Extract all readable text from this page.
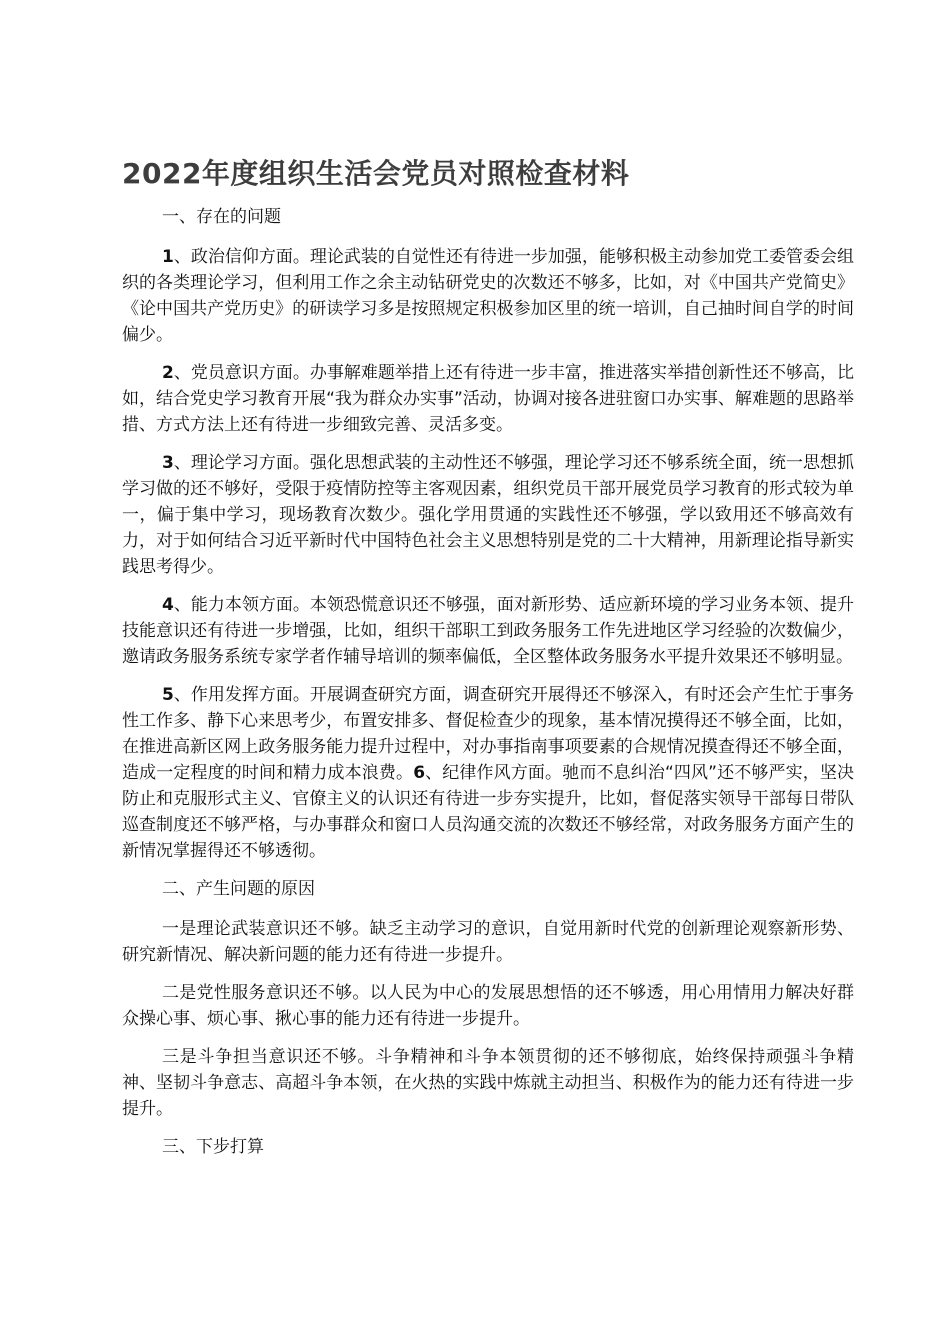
2022年度组织生活会党员对照检查材料

一、存在的问题

1、政治信仰方面。理论武装的自觉性还有待进一步加强，能够积极主动参加党工委管委会组织的各类理论学习，但利用工作之余主动钻研党史的次数还不够多，比如，对《中国共产党简史》《论中国共产党历史》的研读学习多是按照规定积极参加区里的统一培训，自己抽时间自学的时间偏少。

2、党员意识方面。办事解难题举措上还有待进一步丰富，推进落实举措创新性还不够高，比如，结合党史学习教育开展“我为群众办实事”活动，协调对接各进驻窗口办实事、解难题的思路举措、方式方法上还有待进一步细致完善、灵活多变。

3、理论学习方面。强化思想武装的主动性还不够强，理论学习还不够系统全面，统一思想抓学习做的还不够好，受限于疫情防控等主客观因素，组织党员干部开展党员学习教育的形式较为单一，偏于集中学习，现场教育次数少。强化学用贯通的实践性还不够强，学以致用还不够高效有力，对于如何结合习近平新时代中国特色社会主义思想特别是党的二十大精神，用新理论指导新实践思考得少。

4、能力本领方面。本领恐慌意识还不够强，面对新形势、适应新环境的学习业务本领、提升技能意识还有待进一步增强，比如，组织干部职工到政务服务工作先进地区学习经验的次数偏少，邀请政务服务系统专家学者作辅导培训的频率偏低，全区整体政务服务水平提升效果还不够明显。

5、作用发挥方面。开展调查研究方面，调查研究开展得还不够深入，有时还会产生忙于事务性工作多、静下心来思考少，布置安排多、督促检查少的现象，基本情况摸得还不够全面，比如，在推进高新区网上政务服务能力提升过程中，对办事指南事项要素的合规情况摸查得还不够全面，造成一定程度的时间和精力成本浪费。6、纪律作风方面。驰而不息纠治“四风”还不够严实，坚决防止和克服形式主义、官僚主义的认识还有待进一步夯实提升，比如，督促落实领导干部每日带队巡查制度还不够严格，与办事群众和窗口人员沟通交流的次数还不够经常，对政务服务方面产生的新情况掌握得还不够透彻。

二、产生问题的原因

一是理论武装意识还不够。缺乏主动学习的意识，自觉用新时代党的创新理论观察新形势、研究新情况、解决新问题的能力还有待进一步提升。

二是党性服务意识还不够。以人民为中心的发展思想悟的还不够透，用心用情用力解决好群众操心事、烦心事、揪心事的能力还有待进一步提升。

三是斗争担当意识还不够。斗争精神和斗争本领贯彻的还不够彻底，始终保持顽强斗争精神、坚韧斗争意志、高超斗争本领，在火热的实践中炼就主动担当、积极作为的能力还有待进一步提升。

三、下步打算
